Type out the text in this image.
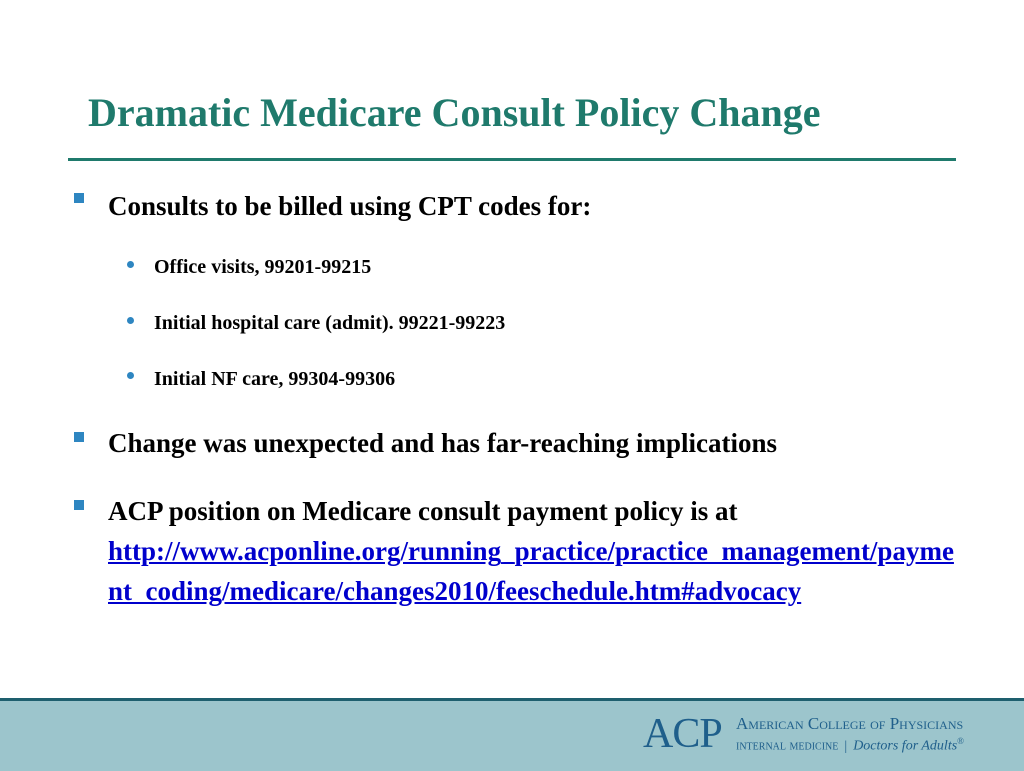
Dramatic Medicare Consult Policy Change
Consults to be billed using CPT codes for:
Office visits, 99201-99215
Initial hospital care (admit). 99221-99223
Initial NF care, 99304-99306
Change was unexpected and has far-reaching implications
ACP position on Medicare consult payment policy is at
http://www.acponline.org/running_practice/practice_management/payment_coding/medicare/changes2010/feeschedule.htm#advocacy
ACP American College of Physicians
internal medicine | Doctors for Adults®
